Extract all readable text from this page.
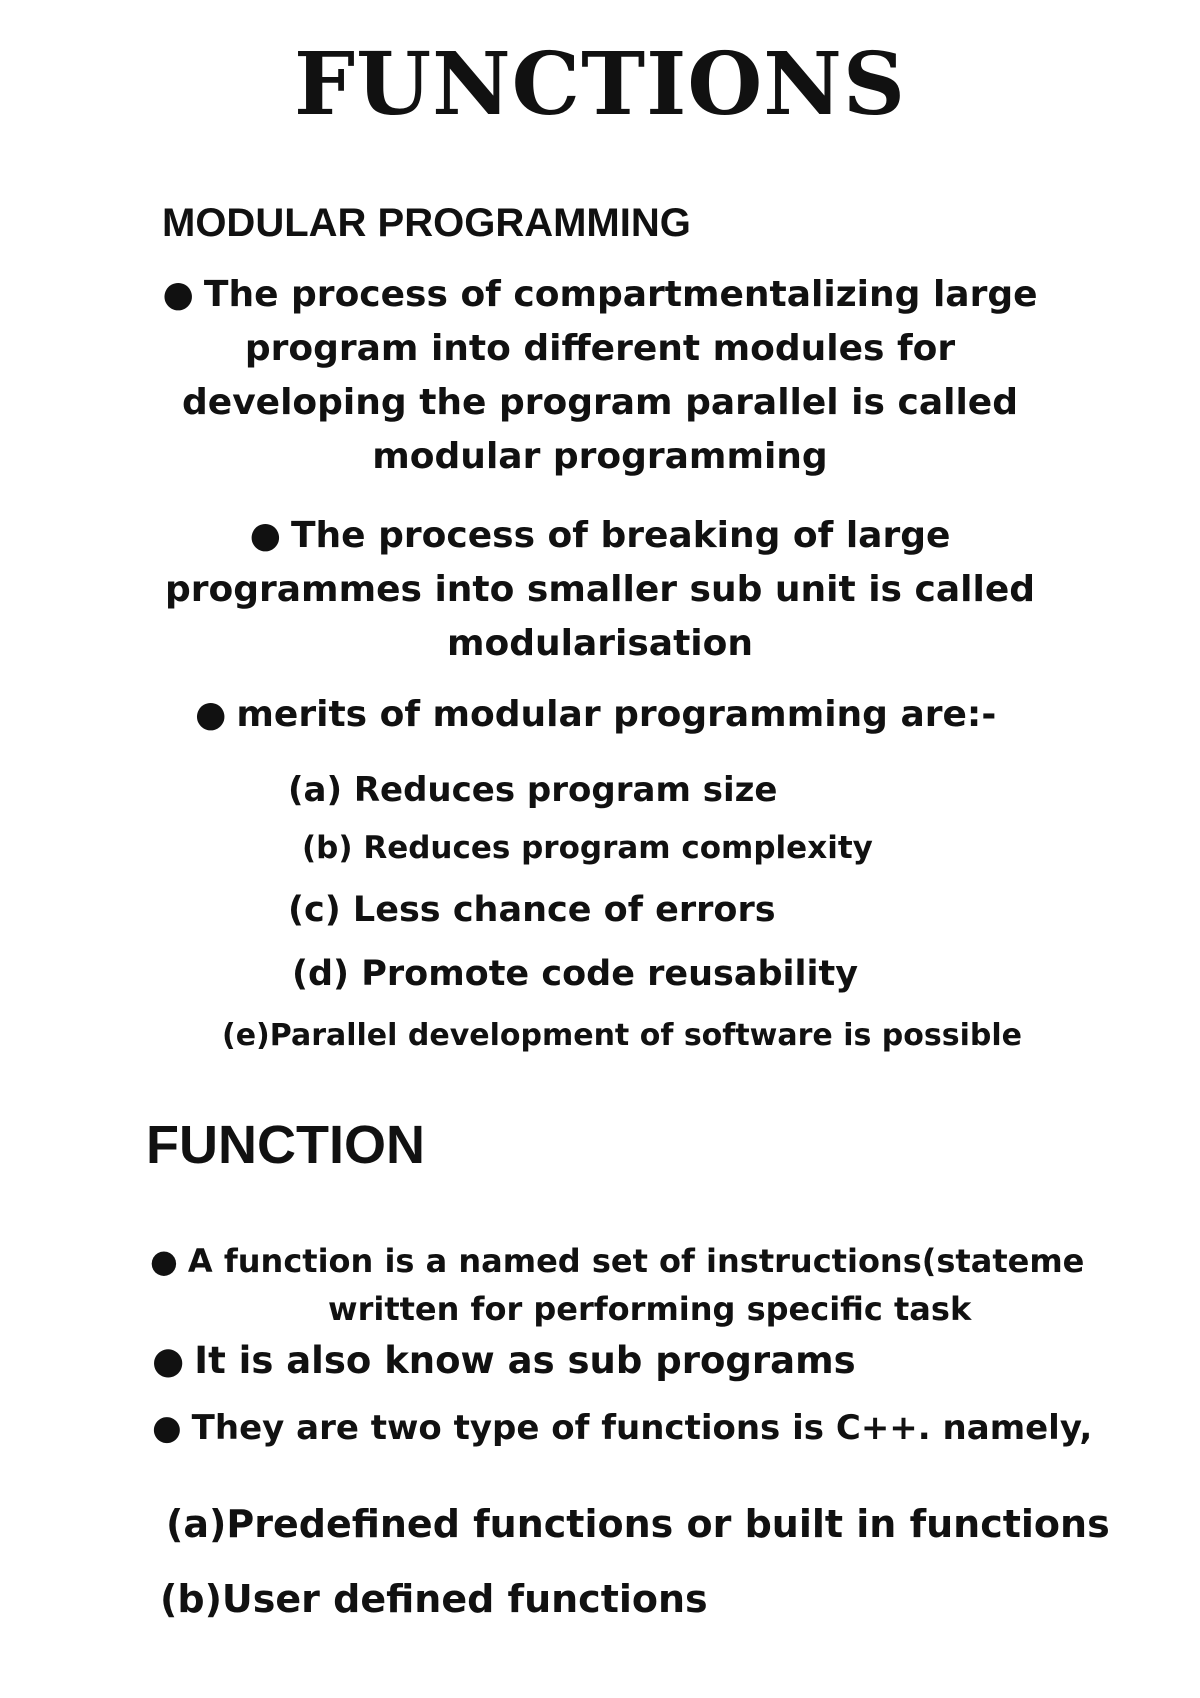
FUNCTIONS
MODULAR PROGRAMMING
● The process of compartmentalizing large program into different modules for developing the program parallel is called modular programming
● The process of breaking of large programmes into smaller sub unit is called modularisation
● merits of modular programming are:-
(a) Reduces program size
(b) Reduces program complexity
(c) Less chance of errors
(d) Promote code reusability
(e)Parallel development of software is possible
FUNCTION
● A function is a named set of instructions(stateme
written for performing specific task
● It is also know as sub programs
● They are two type of functions is C++. namely,
(a)Predefined functions or built in functions
(b)User defined functions
